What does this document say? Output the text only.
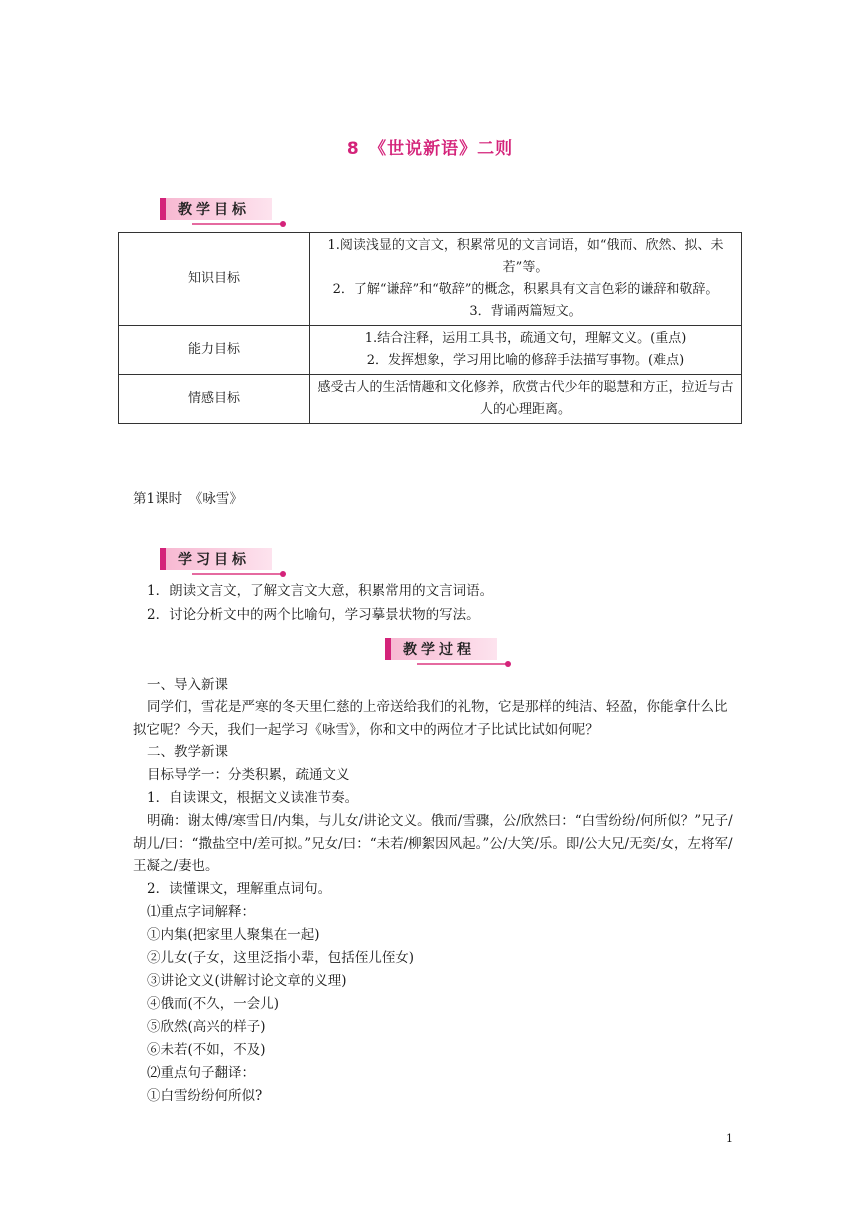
8　《世说新语》二则
教学目标
知识目标	1.阅读浅显的文言文，积累常见的文言词语，如“俄而、欣然、拟、未若”等。
2．了解“谦辞”和“敬辞”的概念，积累具有文言色彩的谦辞和敬辞。
3．背诵两篇短文。

能力目标	1.结合注释，运用工具书，疏通文句，理解文义。(重点)
2．发挥想象，学习用比喻的修辞手法描写事物。(难点)

情感目标	感受古人的生活情趣和文化修养，欣赏古代少年的聪慧和方正，拉近与古人的心理距离。
第1课时　《咏雪》
学习目标
1．朗读文言文，了解文言文大意，积累常用的文言词语。
2．讨论分析文中的两个比喻句，学习摹景状物的写法。
教学过程
一、导入新课
同学们，雪花是严寒的冬天里仁慈的上帝送给我们的礼物，它是那样的纯洁、轻盈，你能拿什么比拟它呢？今天，我们一起学习《咏雪》，你和文中的两位才子比试比试如何呢？
二、教学新课
目标导学一：分类积累，疏通文义
1．自读课文，根据文义读准节奏。
明确：谢太傅/寒雪日/内集，与儿女/讲论文义。俄而/雪骤，公/欣然曰：“白雪纷纷/何所似？”兄子/胡儿/曰：“撒盐空中/差可拟。”兄女/曰：“未若/柳絮因风起。”公/大笑/乐。即/公大兄/无奕/女，左将军/王凝之/妻也。
2．读懂课文，理解重点词句。
⑴重点字词解释：
①内集(把家里人聚集在一起)
②儿女(子女，这里泛指小辈，包括侄儿侄女)
③讲论文义(讲解讨论文章的义理)
④俄而(不久，一会儿)
⑤欣然(高兴的样子)
⑥未若(不如，不及)
⑵重点句子翻译：
①白雪纷纷何所似?
1
